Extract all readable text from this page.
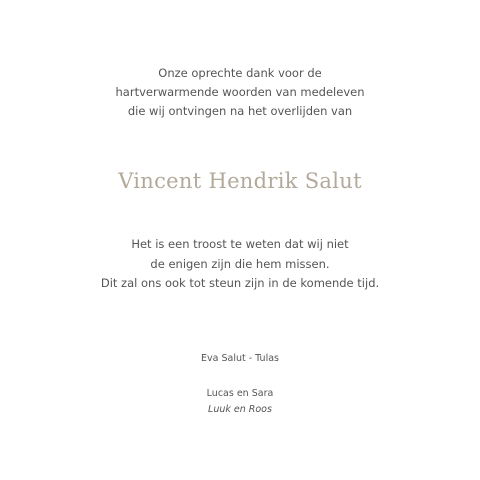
Onze oprechte dank voor de
hartverwarmende woorden van medeleven
die wij ontvingen na het overlijden van
Vincent Hendrik Salut
Het is een troost te weten dat wij niet
de enigen zijn die hem missen.
Dit zal ons ook tot steun zijn in de komende tijd.
Eva Salut - Tulas
Lucas en Sara
Luuk en Roos
